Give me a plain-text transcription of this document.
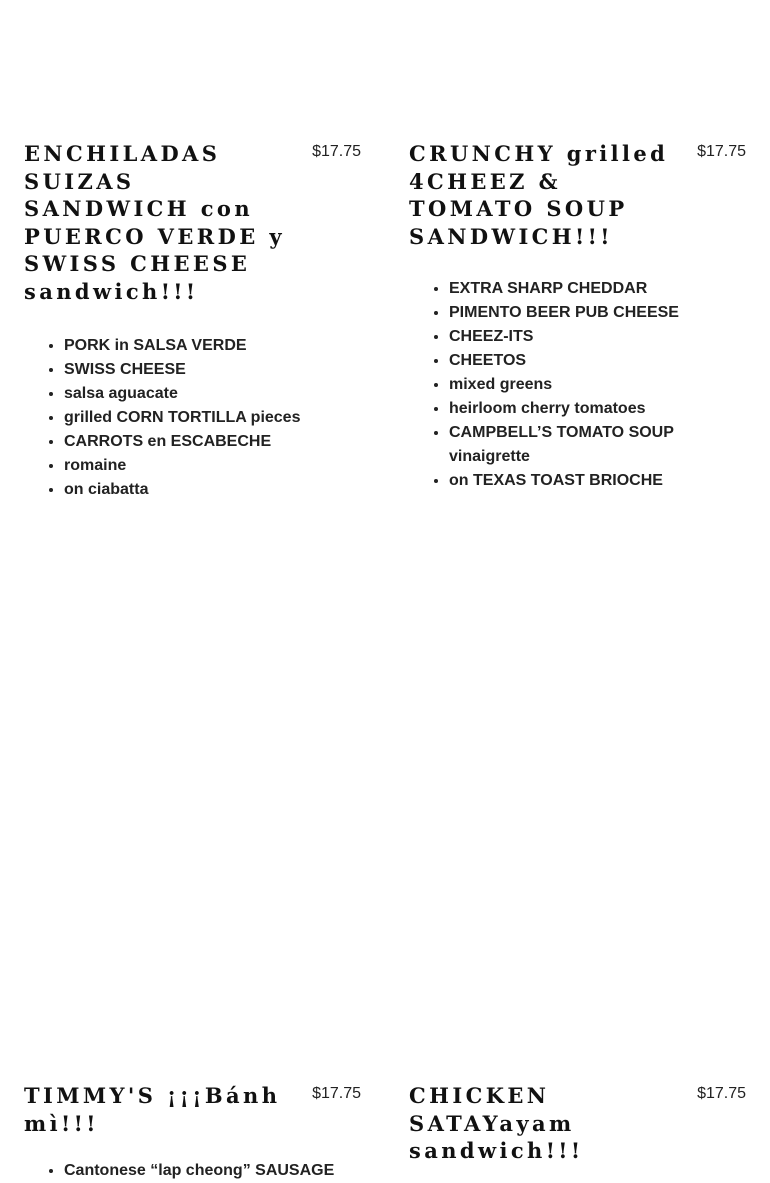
ENCHILADAS SUIZAS SANDWICH con PUERCO VERDE y SWISS CHEESE sandwich!!!
$17.75
• PORK in SALSA VERDE
• SWISS CHEESE
• salsa aguacate
• grilled CORN TORTILLA pieces
• CARROTS en ESCABECHE
• romaine
• on ciabatta
CRUNCHY grilled 4CHEEZ & TOMATO SOUP SANDWICH!!!
$17.75
• EXTRA SHARP CHEDDAR
• PIMENTO BEER PUB CHEESE
• CHEEZ-ITS
• CHEETOS
• mixed greens
• heirloom cherry tomatoes
• CAMPBELL’S TOMATO SOUP vinaigrette
• on TEXAS TOAST BRIOCHE
TIMMY'S ¡¡¡Bánh mì!!!
$17.75
• Cantonese “lap cheong” SAUSAGE
CHICKEN SATAYayam sandwich!!!
$17.75
